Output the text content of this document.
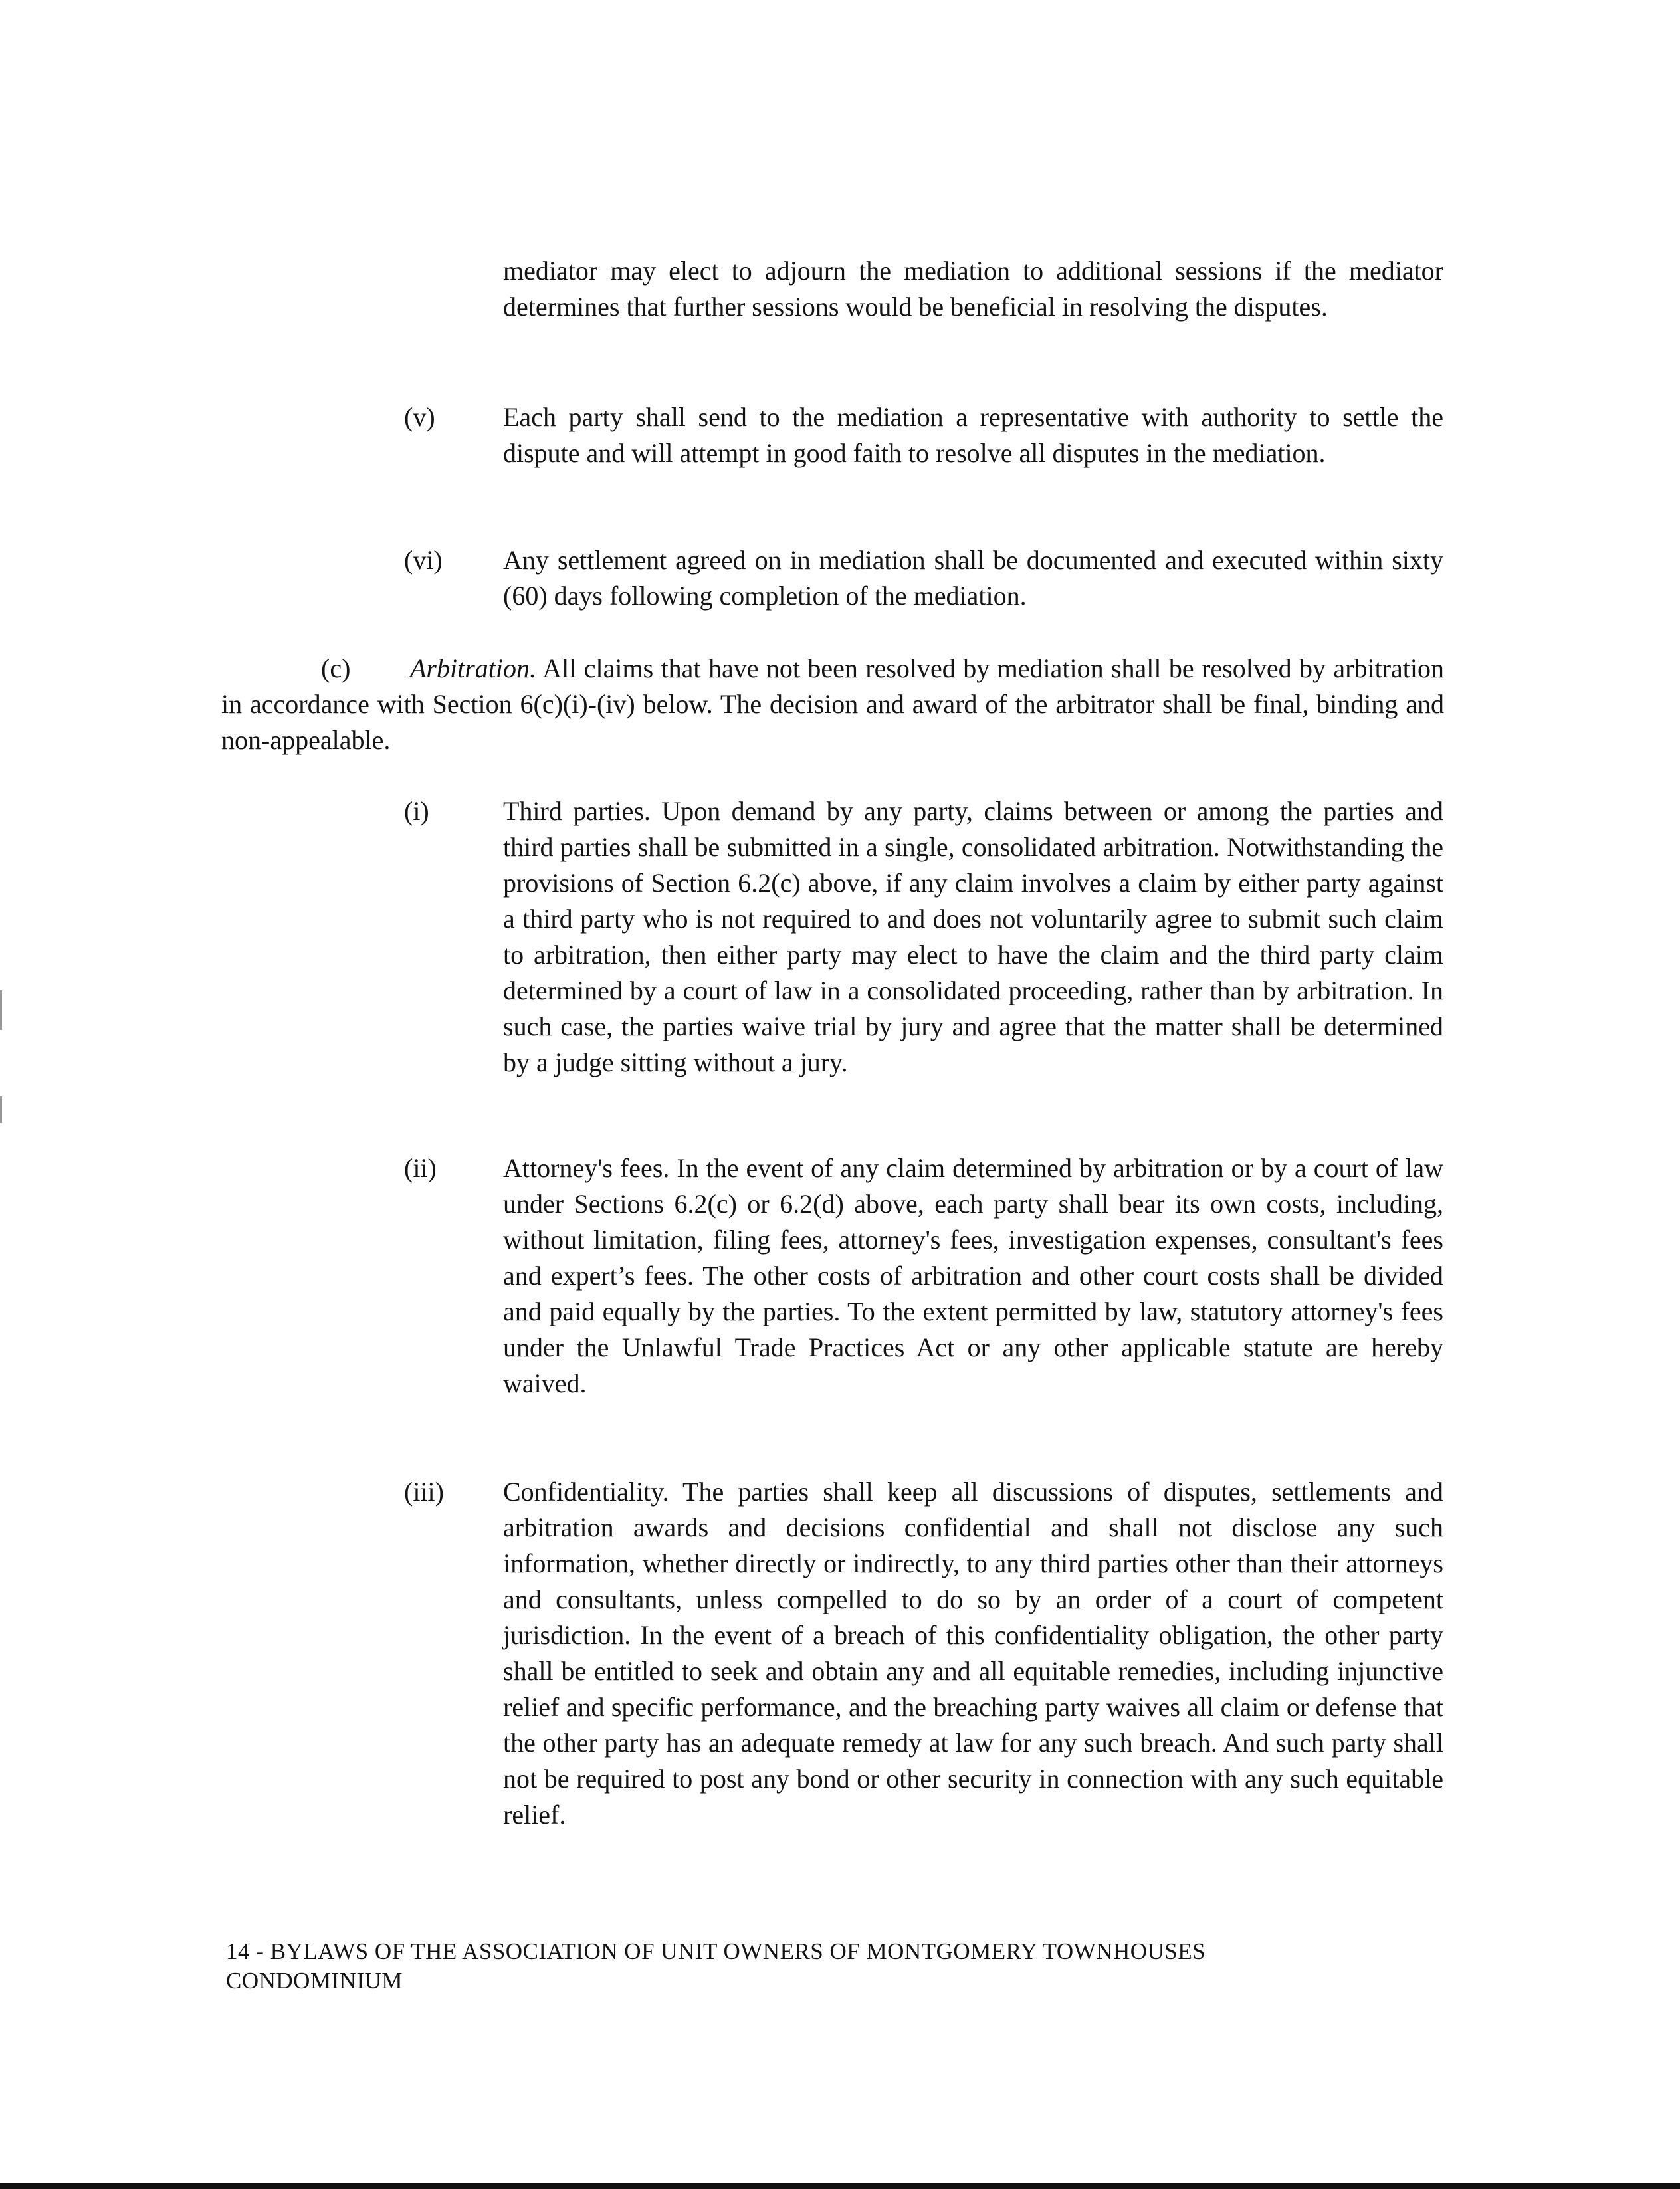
mediator may elect to adjourn the mediation to additional sessions if the mediator determines that further sessions would be beneficial in resolving the disputes.
(v)	Each party shall send to the mediation a representative with authority to settle the dispute and will attempt in good faith to resolve all disputes in the mediation.
(vi) Any settlement agreed on in mediation shall be documented and executed within sixty (60) days following completion of the mediation.
(c) Arbitration. All claims that have not been resolved by mediation shall be resolved by arbitration in accordance with Section 6(c)(i)-(iv) below. The decision and award of the arbitrator shall be final, binding and non-appealable.
(i)	Third parties. Upon demand by any party, claims between or among the parties and third parties shall be submitted in a single, consolidated arbitration. Notwithstanding the provisions of Section 6.2(c) above, if any claim involves a claim by either party against a third party who is not required to and does not voluntarily agree to submit such claim to arbitration, then either party may elect to have the claim and the third party claim determined by a court of law in a consolidated proceeding, rather than by arbitration. In such case, the parties waive trial by jury and agree that the matter shall be determined by a judge sitting without a jury.
(ii)	Attorney's fees. In the event of any claim determined by arbitration or by a court of law under Sections 6.2(c) or 6.2(d) above, each party shall bear its own costs, including, without limitation, filing fees, attorney's fees, investigation expenses, consultant's fees and expert’s fees. The other costs of arbitration and other court costs shall be divided and paid equally by the parties. To the extent permitted by law, statutory attorney's fees under the Unlawful Trade Practices Act or any other applicable statute are hereby waived.
(iii) Confidentiality. The parties shall keep all discussions of disputes, settlements and arbitration awards and decisions confidential and shall not disclose any such information, whether directly or indirectly, to any third parties other than their attorneys and consultants, unless compelled to do so by an order of a court of competent jurisdiction. In the event of a breach of this confidentiality obligation, the other party shall be entitled to seek and obtain any and all equitable remedies, including injunctive relief and specific performance, and the breaching party waives all claim or defense that the other party has an adequate remedy at law for any such breach. And such party shall not be required to post any bond or other security in connection with any such equitable relief.
14 - BYLAWS OF THE ASSOCIATION OF UNIT OWNERS OF MONTGOMERY TOWNHOUSES
CONDOMINIUM
